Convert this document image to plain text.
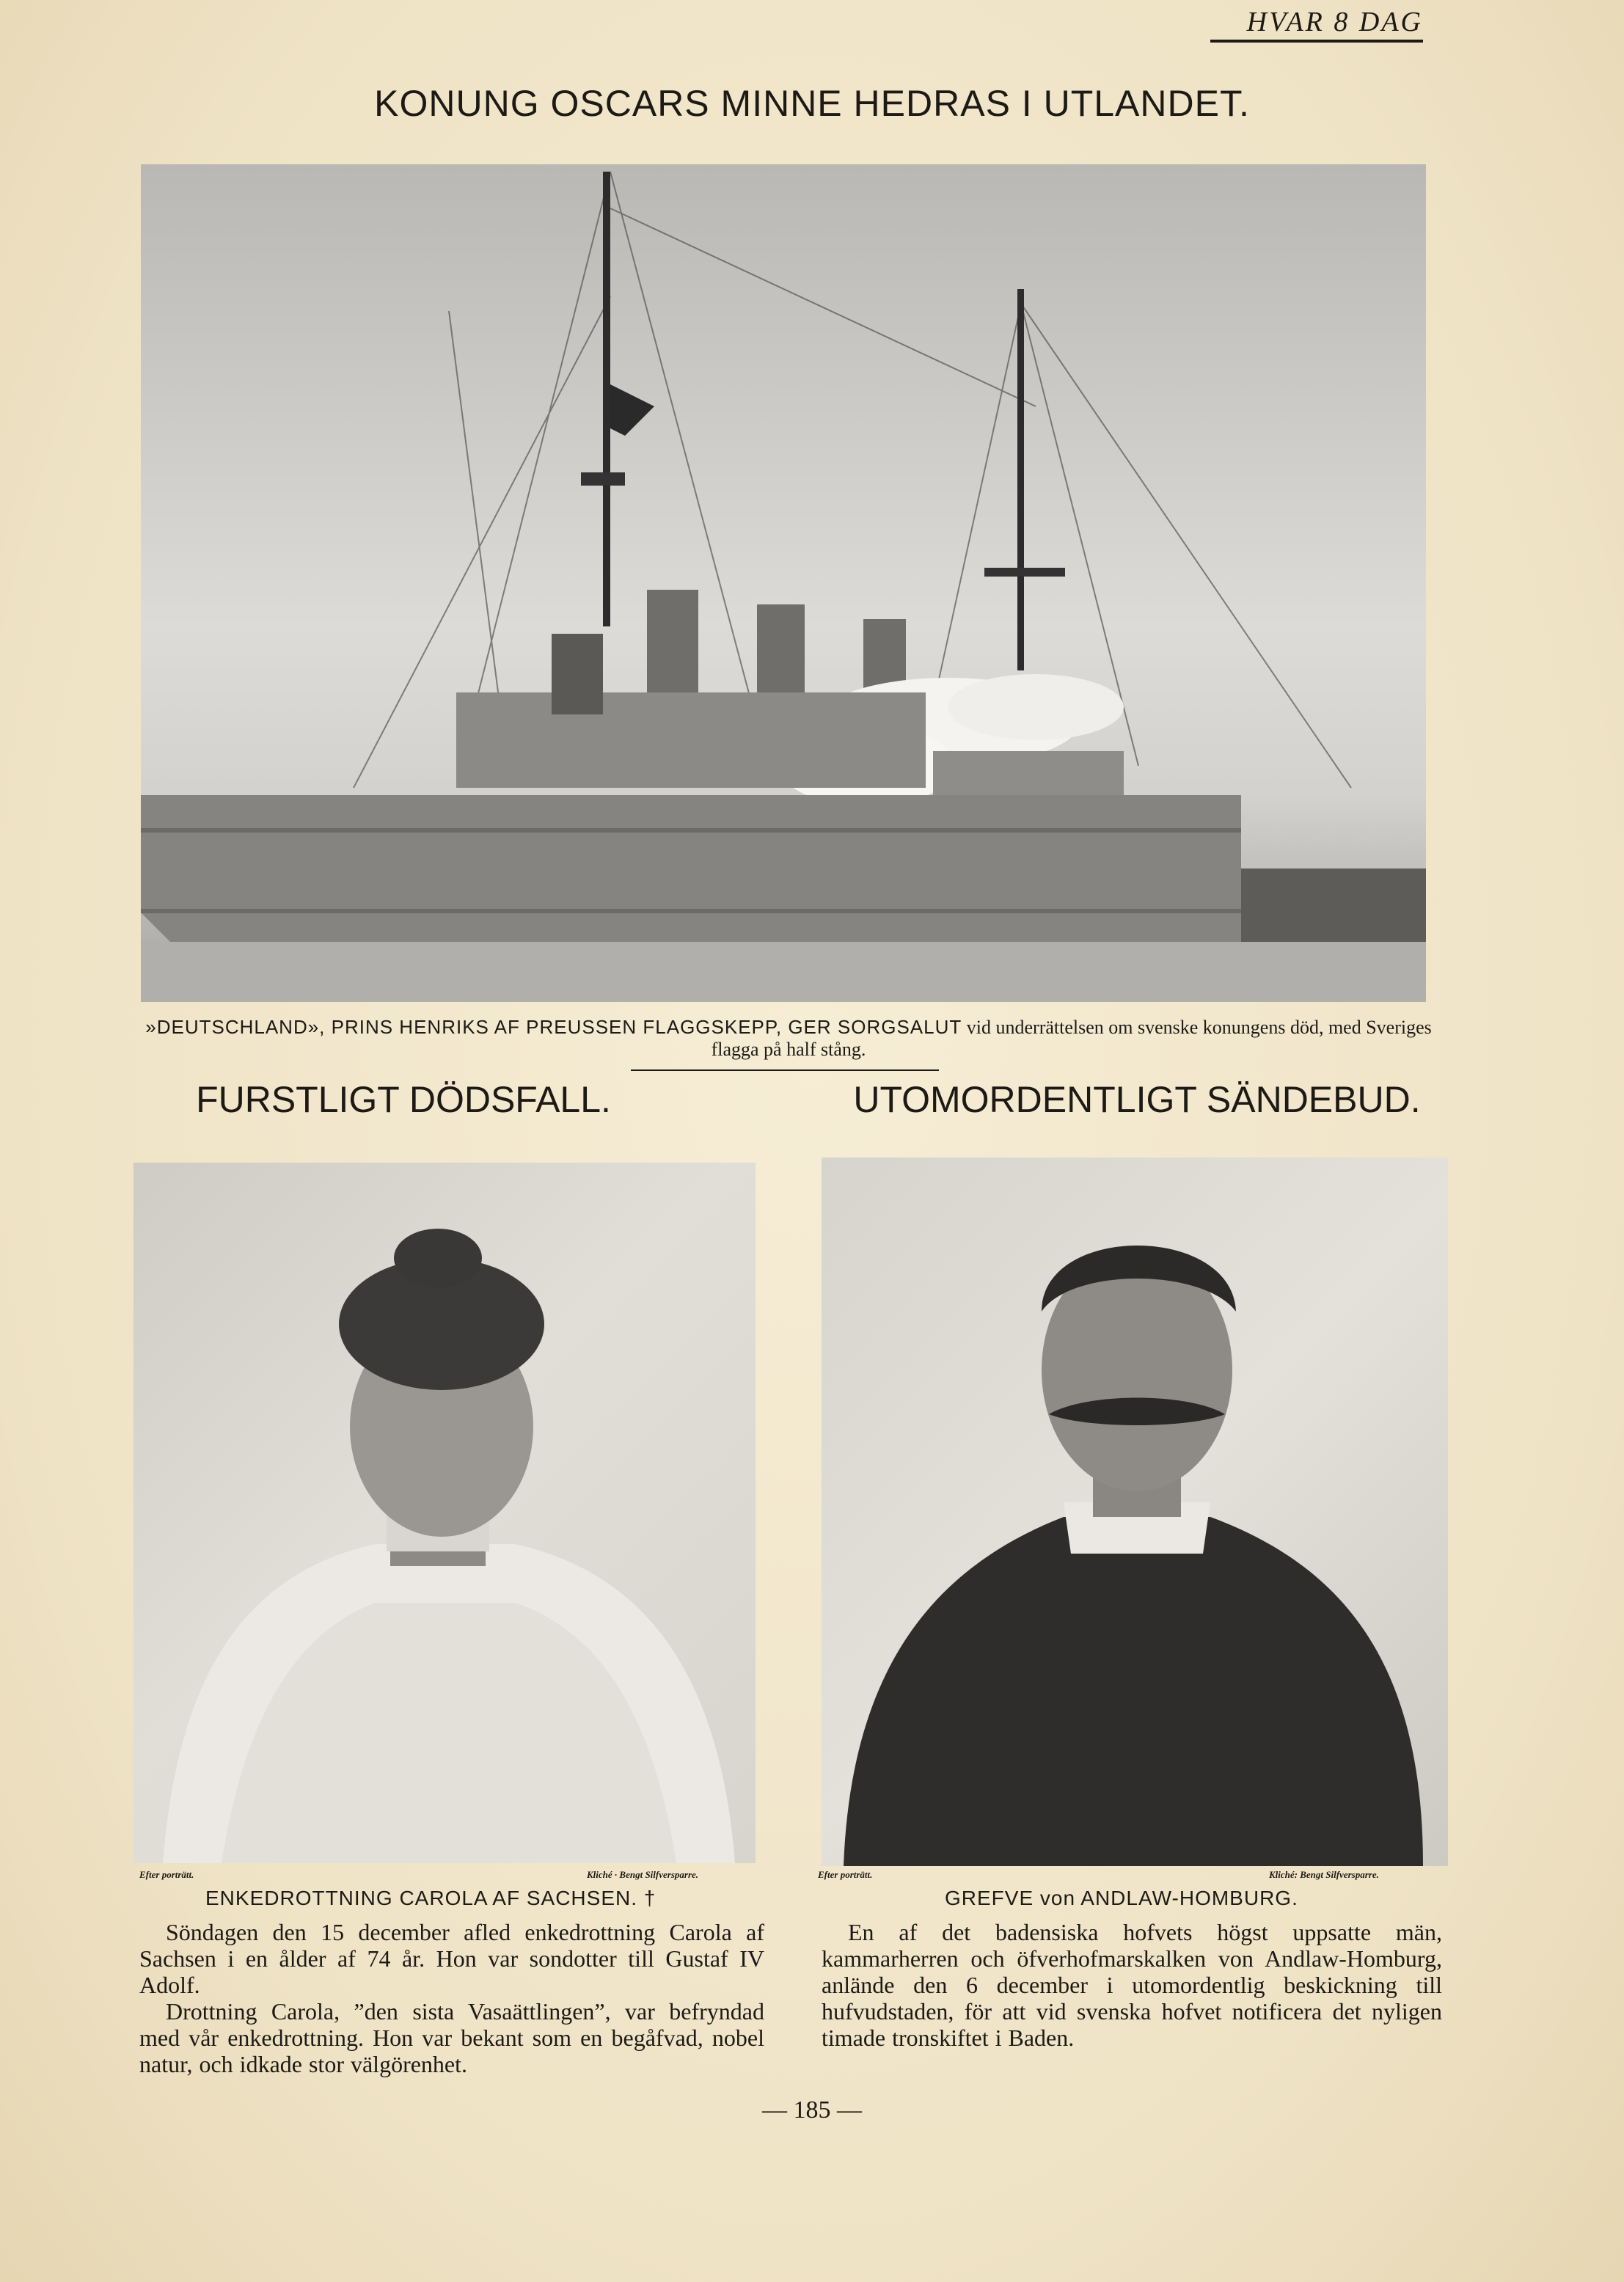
HVAR 8 DAG
KONUNG OSCARS MINNE HEDRAS I UTLANDET.
»DEUTSCHLAND», PRINS HENRIKS AF PREUSSEN FLAGGSKEPP, GER SORGSALUT vid underrättelsen om svenske konungens död, med Sveriges flagga på half stång.
FURSTLIGT DÖDSFALL.	UTOMORDENTLIGT SÄNDEBUD.
Efter porträtt.	Kliché · Bengt Silfversparre.	Efter porträtt.	Kliché: Bengt Silfversparre.
ENKEDROTTNING CAROLA AF SACHSEN. †	GREFVE von ANDLAW-HOMBURG.

Söndagen den 15 december afled enkedrottning Carola af Sachsen i en ålder af 74 år. Hon var sondotter till Gustaf IV Adolf.

Drottning Carola, ”den sista Vasaättlingen”, var befryndad med vår enkedrottning. Hon var bekant som en begåfvad, nobel natur, och idkade stor välgörenhet.

En af det badensiska hofvets högst uppsatte män, kammarherren och öfverhofmarskalken von Andlaw-Homburg, anlände den 6 december i utomordentlig beskickning till hufvudstaden, för att vid svenska hofvet notificera det nyligen timade tronskiftet i Baden.

— 185 —
